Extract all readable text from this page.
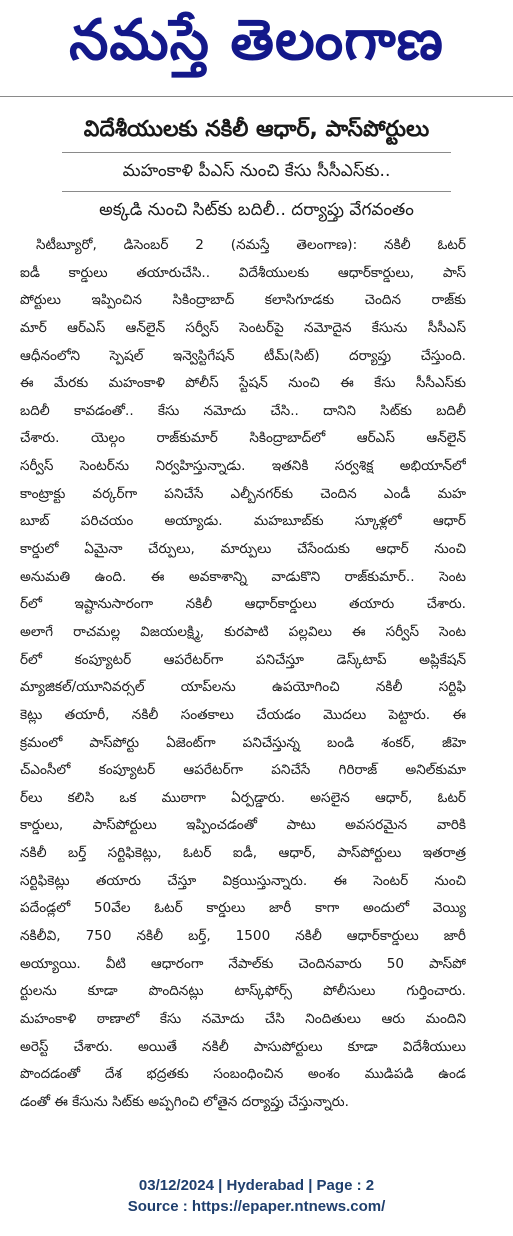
నమస్తే తెలంగాణ
విదేశీయులకు నకిలీ ఆధార్‌, పాస్‌పోర్టులు
మహంకాళి పీఎస్‌ నుంచి కేసు సీసీఎస్‌కు..
అక్కడి నుంచి సిట్‌కు బదిలీ.. దర్యాప్తు వేగవంతం
సిటీబ్యూరో, డిసెంబర్‌ 2 (నమస్తే తెలంగాణ): నకిలీ ఓటర్‌
ఐడీ కార్డులు తయారుచేసి.. విదేశీయులకు ఆధార్‌కార్డులు, పాస్‌
పోర్టులు ఇప్పించిన సికింద్రాబాద్‌ కలాసిగూడకు చెందిన రాజ్‌కు
మార్‌ ఆర్‌ఎస్‌ ఆన్‌లైన్‌ సర్వీస్‌ సెంటర్‌పై నమోదైన కేసును సీసీఎస్‌
ఆధీనంలోని స్పెషల్‌ ఇన్వెస్టిగేషన్‌ టీమ్‌(సిట్‌) దర్యాప్తు చేస్తుంది.
ఈ మేరకు మహంకాళి పోలీస్‌ స్టేషన్‌ నుంచి ఈ కేసు సీసీఎస్‌కు
బదిలీ కావడంతో.. కేసు నమోదు చేసి.. దానిని సిట్‌కు బదిలీ
చేశారు. యెల్గం రాజ్‌కుమార్‌ సికింద్రాబాద్‌లో ఆర్‌ఎస్‌ ఆన్‌లైన్‌
సర్వీస్‌ సెంటర్‌ను నిర్వహిస్తున్నాడు. ఇతనికి సర్వశిక్ష అభియాన్‌లో
కాంట్రాక్టు వర్కర్‌గా పనిచేసే ఎల్బీనగర్‌కు చెందిన ఎండీ మహ
బూబ్‌ పరిచయం అయ్యాడు. మహబూబ్‌కు స్కూళ్లలో ఆధార్‌
కార్డులో ఏమైనా చేర్పులు, మార్పులు చేసేందుకు ఆధార్‌ నుంచి
అనుమతి ఉంది. ఈ అవకాశాన్ని వాడుకొని రాజ్‌కుమార్‌.. సెంట
ర్‌లో ఇష్టానుసారంగా నకిలీ ఆధార్‌కార్డులు తయారు చేశారు.
అలాగే రాచమల్ల విజయలక్ష్మి, కురపాటి పల్లవిలు ఈ సర్వీస్‌ సెంట
ర్‌లో కంప్యూటర్‌ ఆపరేటర్‌గా పనిచేస్తూ డెస్క్‌టాప్‌ అప్లికేషన్‌
మ్యాజికల్‌/యూనివర్సల్‌ యాప్‌లను ఉపయోగించి నకిలీ సర్టిఫి
కెట్లు తయారీ, నకిలీ సంతకాలు చేయడం మొదలు పెట్టారు. ఈ
క్రమంలో పాస్‌పోర్టు ఏజెంట్‌గా పనిచేస్తున్న బండి శంకర్‌, జీహె
చ్‌ఎంసీలో కంప్యూటర్‌ ఆపరేటర్‌గా పనిచేసే గిరిరాజ్‌ అనిల్‌కుమా
ర్‌లు కలిసి ఒక ముఠాగా ఏర్పడ్డారు. అసలైన ఆధార్‌, ఓటర్‌
కార్డులు, పాస్‌పోర్టులు ఇప్పించడంతో పాటు అవసరమైన వారికి
నకిలీ బర్త్‌ సర్టిఫికెట్లు, ఓటర్‌ ఐడీ, ఆధార్‌, పాస్‌పోర్టులు ఇతరాత్ర
సర్టిఫికెట్లు తయారు చేస్తూ విక్రయిస్తున్నారు. ఈ సెంటర్‌ నుంచి
పదేండ్లలో 50వేల ఓటర్‌ కార్డులు జారీ కాగా అందులో వెయ్యి
నకిలీవి, 750 నకిలీ బర్త్‌, 1500 నకిలీ ఆధార్‌కార్డులు జారీ
అయ్యాయి. వీటి ఆధారంగా నేపాల్‌కు చెందినవారు 50 పాస్‌పో
ర్టులను కూడా పొందినట్లు టాస్క్‌ఫోర్స్‌ పోలీసులు గుర్తించారు.
మహంకాళి ఠాణాలో కేసు నమోదు చేసి నిందితులు ఆరు మందిని
అరెస్ట్‌ చేశారు. అయితే నకిలీ పాసుపోర్టులు కూడా విదేశీయులు
పొందడంతో దేశ భద్రతకు సంబంధించిన అంశం ముడిపడి ఉండ
డంతో ఈ కేసును సిట్‌కు అప్పగించి లోతైన దర్యాప్తు చేస్తున్నారు.
03/12/2024 | Hyderabad | Page : 2
Source : https://epaper.ntnews.com/
